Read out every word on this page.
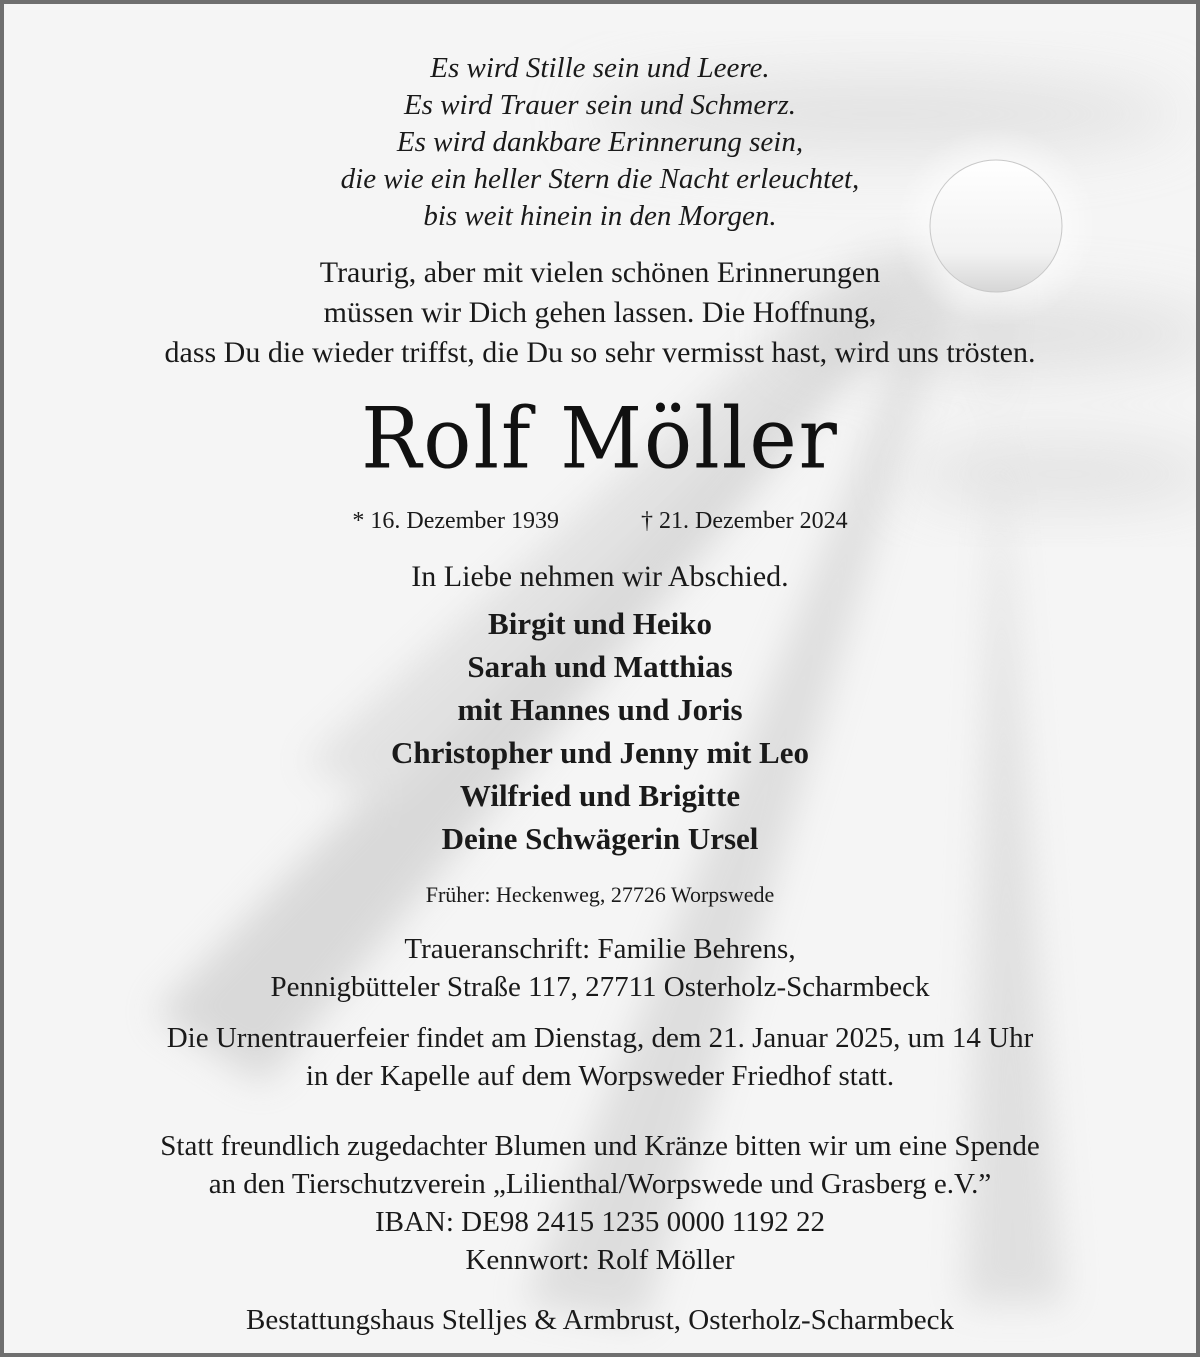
Es wird Stille sein und Leere.
Es wird Trauer sein und Schmerz.
Es wird dankbare Erinnerung sein,
die wie ein heller Stern die Nacht erleuchtet,
bis weit hinein in den Morgen.
Traurig, aber mit vielen schönen Erinnerungen
müssen wir Dich gehen lassen. Die Hoffnung,
dass Du die wieder triffst, die Du so sehr vermisst hast, wird uns trösten.
Rolf Möller
* 16. Dezember 1939	† 21. Dezember 2024
In Liebe nehmen wir Abschied.
Birgit und Heiko
Sarah und Matthias
mit Hannes und Joris
Christopher und Jenny mit Leo
Wilfried und Brigitte
Deine Schwägerin Ursel
Früher: Heckenweg, 27726 Worpswede
Traueranschrift: Familie Behrens,
Pennigbütteler Straße 117, 27711 Osterholz-Scharmbeck
Die Urnentrauerfeier findet am Dienstag, dem 21. Januar 2025, um 14 Uhr
in der Kapelle auf dem Worpsweder Friedhof statt.
Statt freundlich zugedachter Blumen und Kränze bitten wir um eine Spende
an den Tierschutzverein „Lilienthal/Worpswede und Grasberg e.V.”
IBAN: DE98 2415 1235 0000 1192 22
Kennwort: Rolf Möller
Bestattungshaus Stelljes & Armbrust, Osterholz-Scharmbeck
